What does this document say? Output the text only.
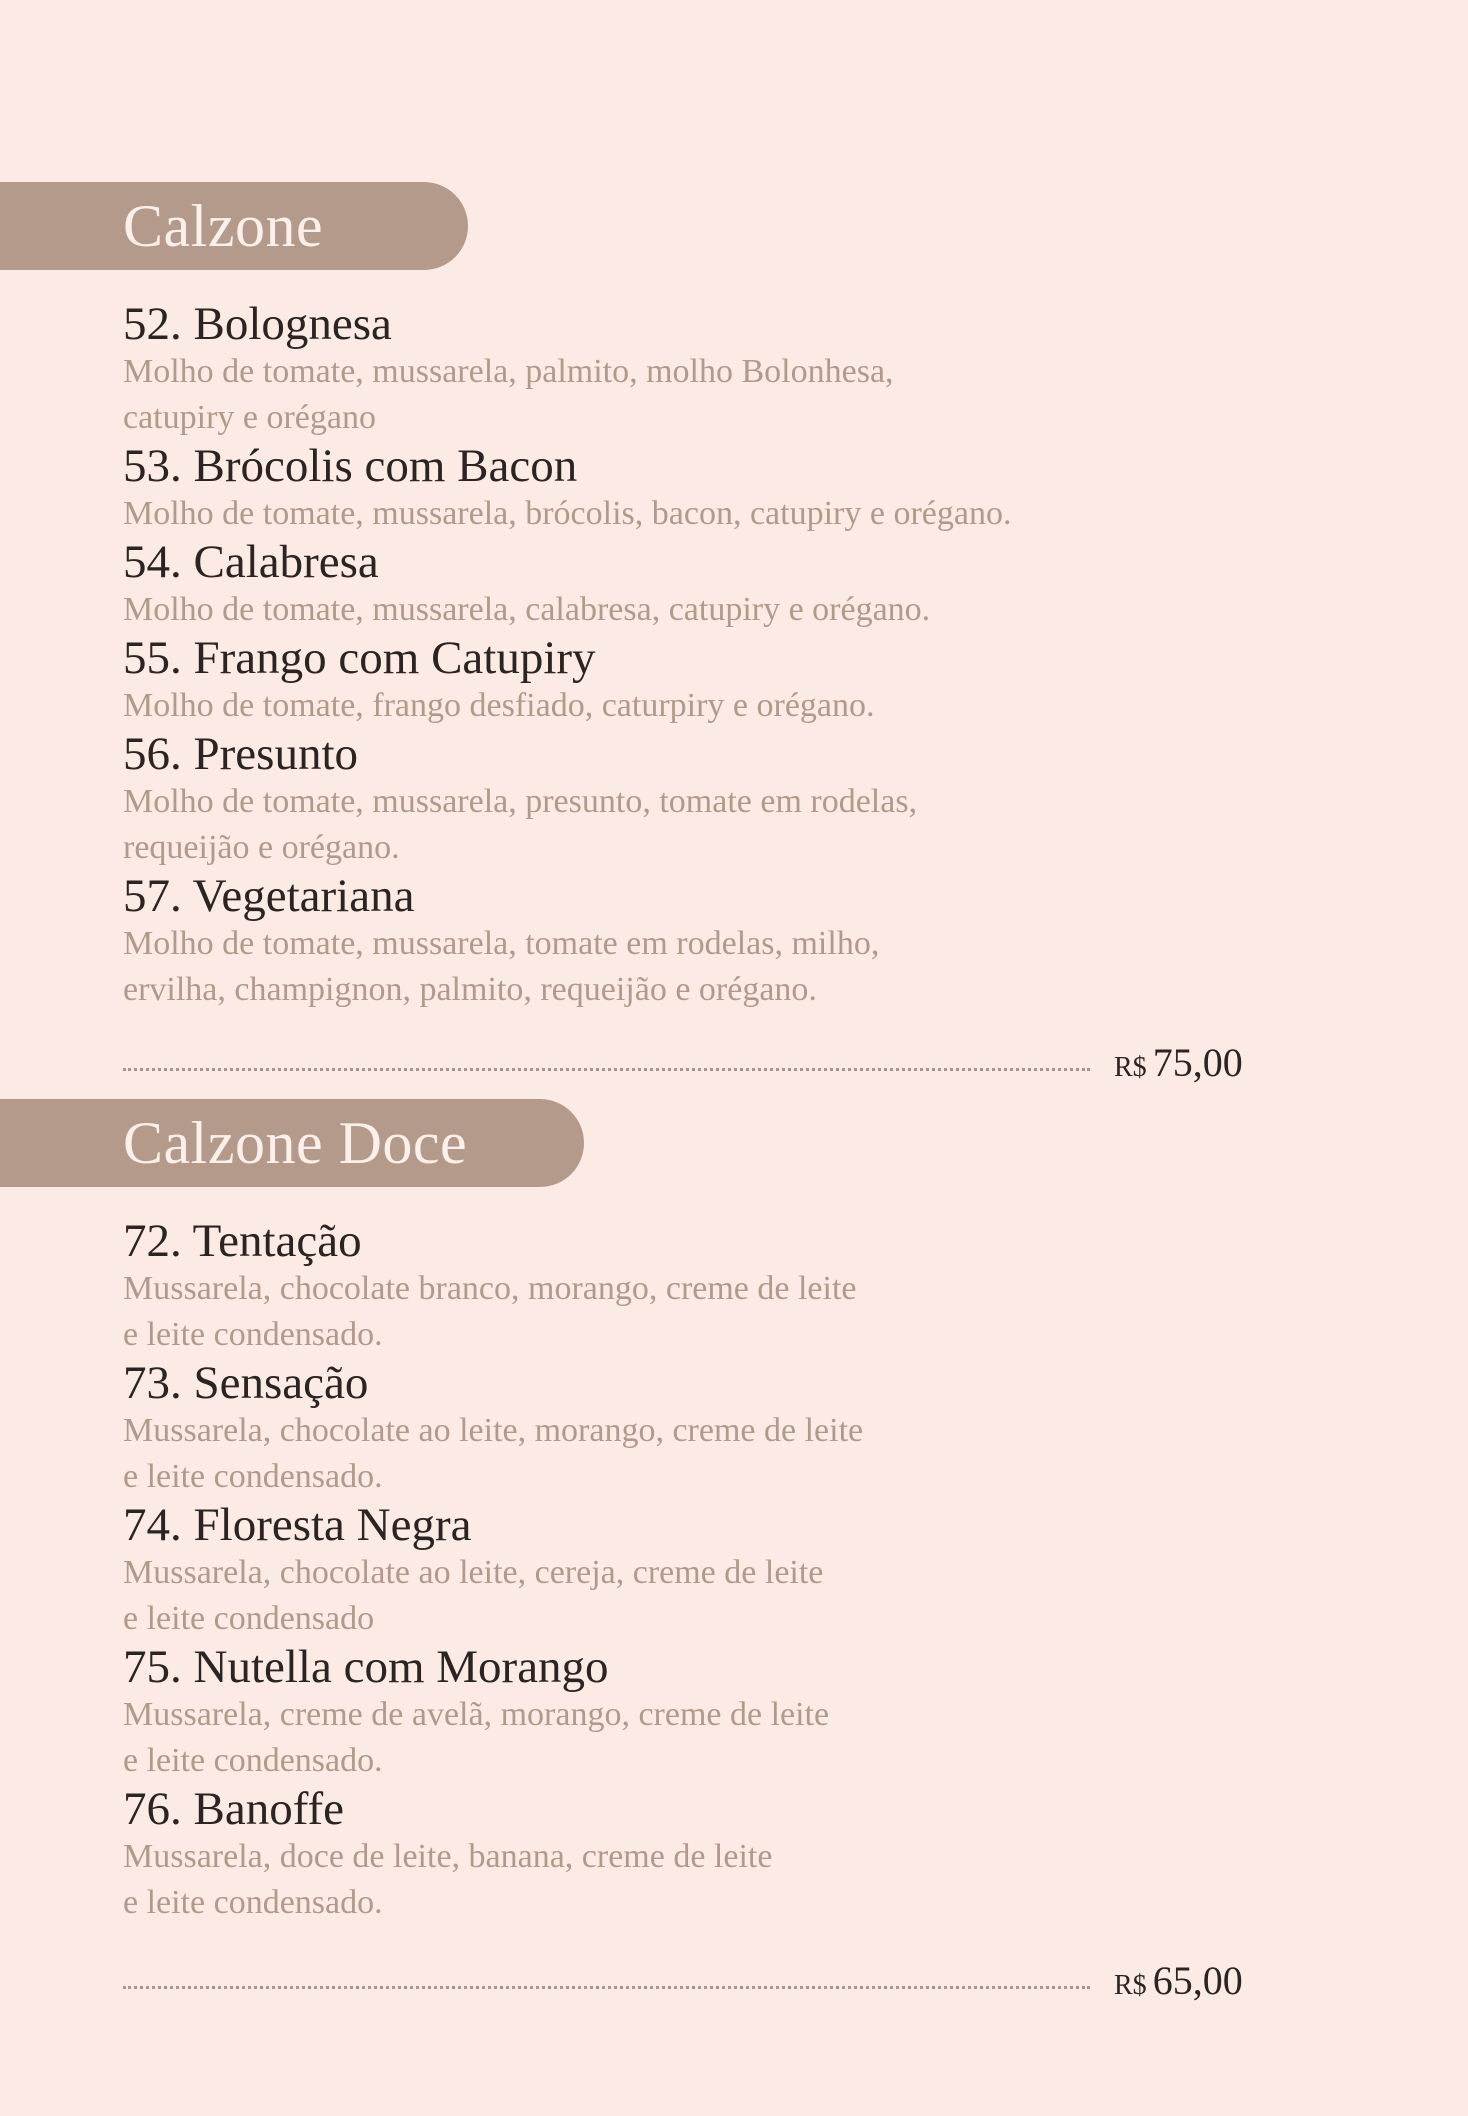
Calzone
52. Bolognesa
Molho de tomate, mussarela, palmito, molho Bolonhesa,
catupiry e orégano
53. Brócolis com Bacon
Molho de tomate, mussarela, brócolis, bacon, catupiry e orégano.
54. Calabresa
Molho de tomate, mussarela, calabresa, catupiry e orégano.
55. Frango com Catupiry
Molho de tomate, frango desfiado, caturpiry e orégano.
56. Presunto
Molho de tomate, mussarela, presunto, tomate em rodelas,
requeijão e orégano.
57. Vegetariana
Molho de tomate, mussarela, tomate em rodelas, milho,
ervilha, champignon, palmito, requeijão e orégano.
R$ 75,00
Calzone Doce
72. Tentação
Mussarela, chocolate branco, morango, creme de leite
e leite condensado.
73. Sensação
Mussarela, chocolate ao leite, morango, creme de leite
e leite condensado.
74. Floresta Negra
Mussarela, chocolate ao leite, cereja, creme de leite
e leite condensado
75. Nutella com Morango
Mussarela, creme de avelã, morango, creme de leite
e leite condensado.
76. Banoffe
Mussarela, doce de leite, banana, creme de leite
e leite condensado.
R$ 65,00
